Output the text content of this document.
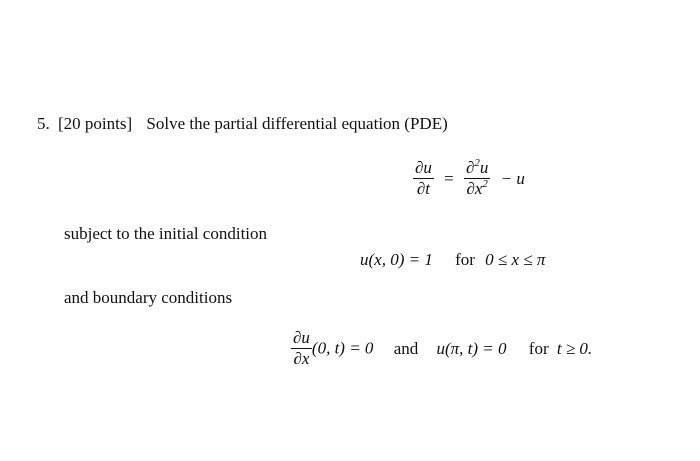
5. [20 points] Solve the partial differential equation (PDE)
$\frac{\partial u}{\partial t} = \frac{\partial^2u}{\partial x^2} - u$
subject to the initial condition
u(x, 0) = 1 for 0 ≤ x ≤ π
and boundary conditions
$\frac{\partial u}{\partial x} (0$, t) = 0 and u(π, t) = 0 for t ≥ 0.
